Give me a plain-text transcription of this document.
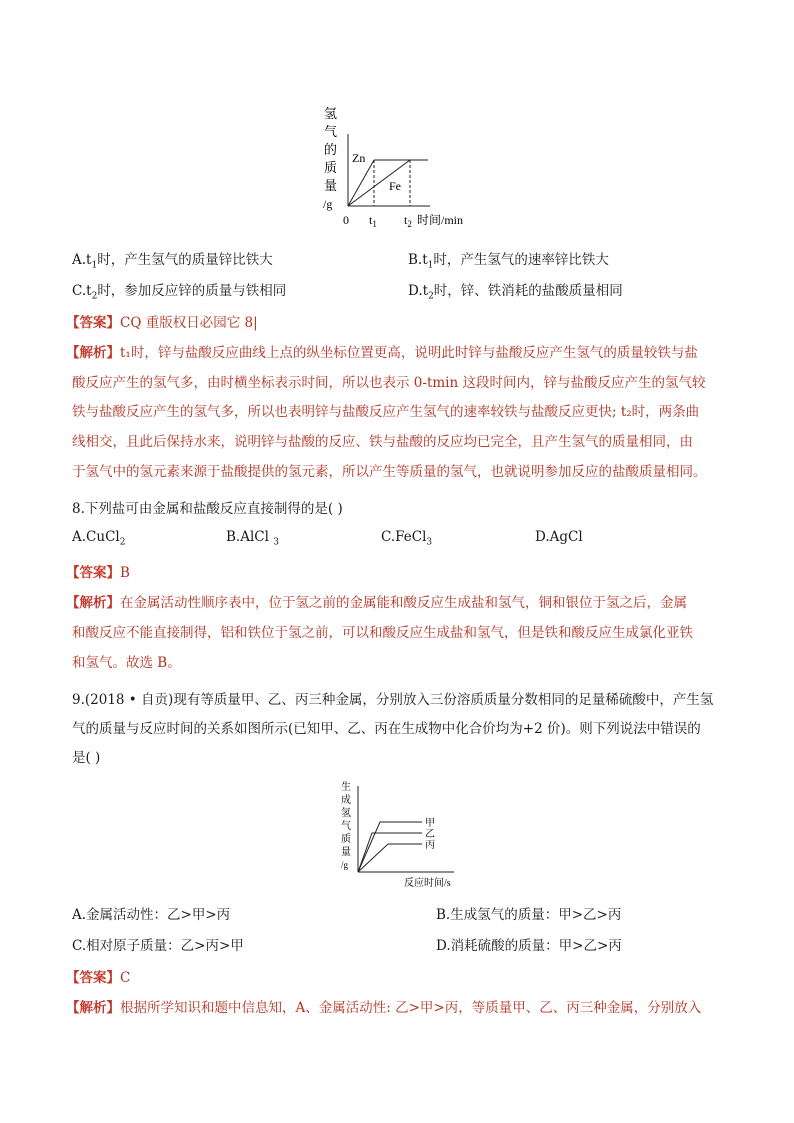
氢
气
的
质
量
/g
Zn
Fe
0 $t_1$ $t_2$ 时间/min
$A.t_1$时，产生氢气的质量锌比铁大	$B.t_1$时，产生氢气的速率锌比铁大
$C.t_2$时，参加反应锌的质量与铁相同	$D.t_2$时，锌、铁消耗的盐酸质量相同
【答案】CQ 重版权日必园它 8|
【解析】t₁时，锌与盐酸反应曲线上点的纵坐标位置更高，说明此时锌与盐酸反应产生氢气的质量较铁与盐
酸反应产生的氢气多，由时横坐标表示时间，所以也表示 0-tmin 这段时间内，锌与盐酸反应产生的氢气较
铁与盐酸反应产生的氢气多，所以也表明锌与盐酸反应产生氢气的速率较铁与盐酸反应更快; t₂时，两条曲
线相交，且此后保持水来，说明锌与盐酸的反应、铁与盐酸的反应均已完全，且产生氢气的质量相同，由
于氢气中的氢元素来源于盐酸提供的氢元素，所以产生等质量的氢气，也就说明参加反应的盐酸质量相同。
8.下列盐可由金属和盐酸反应直接制得的是( )
A.CuCl$_2$	B.AlCl $_3$	C.FeCl$_3$	D.AgCl
【答案】B
【解析】在金属活动性顺序表中，位于氢之前的金属能和酸反应生成盐和氢气，铜和银位于氢之后，金属
和酸反应不能直接制得，铝和铁位于氢之前，可以和酸反应生成盐和氢气，但是铁和酸反应生成氯化亚铁
和氢气。故选 B。
9.(2018 • 自贡)现有等质量甲、乙、丙三种金属，分别放入三份溶质质量分数相同的足量稀硫酸中，产生氢
气的质量与反应时间的关系如图所示(已知甲、乙、丙在生成物中化合价均为+2 价)。则下列说法中错误的
是( )
生
成
氢
气
质
量
/g
甲
乙
丙
反应时间/s
A.金属活动性：乙>甲>丙	B.生成氢气的质量：甲>乙>丙
C.相对原子质量：乙>丙>甲	D.消耗硫酸的质量：甲>乙>丙
【答案】C
【解析】根据所学知识和题中信息知，A、金属活动性: 乙>甲>丙，等质量甲、乙、丙三种金属，分别放入
